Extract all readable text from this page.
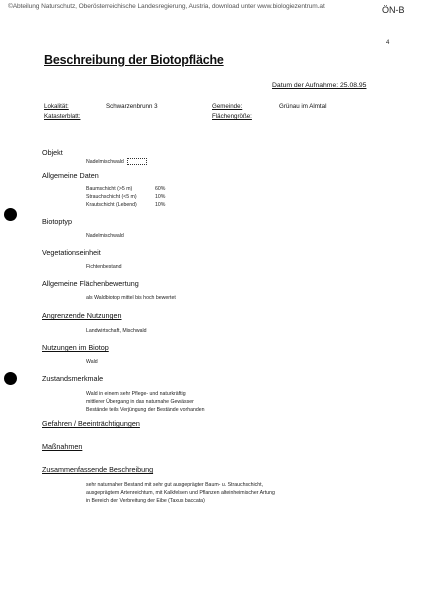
©Abteilung Naturschutz, Oberösterreichische Landesregierung, Austria, download unter www.biologiezentrum.at	ÖN-B
4
Beschreibung der Biotopfläche
Datum der Aufnahme: 25.08.95
Lokalität:	Schwarzenbrunn 3	Gemeinde:	Grünau im Almtal
Katasterblatt:	Flächengröße:
Objekt
Nadelmischwald
Allgemeine Daten
Baumschicht (>5 m)	60%
Strauchschicht (<5 m)	10%
Krautschicht (Lebend)	10%
Biotoptyp
Nadelmischwald
Vegetationseinheit
Fichtenbestand
Allgemeine Flächenbewertung
als Waldbiotop mittel bis hoch bewertet
Angrenzende Nutzungen
Landwirtschaft, Mischwald
Nutzungen im Biotop
Wald
Zustandsmerkmale
Wald in einem sehr Pflege- und naturkräftig
mittlerer Übergang in das naturnahe Gewässer
Bestände teils Verjüngung der Bestände vorhanden
Gefahren / Beeinträchtigungen
Maßnahmen
Zusammenfassende Beschreibung
sehr naturnaher Bestand mit sehr gut ausgeprägter Baum- u. Strauchschicht,
ausgeprägtem Artenreichtum, mit Kalkfelsen und Pflanzen alteinheimischer Artung
in Bereich der Verbreitung der Eibe (Taxus baccata)
